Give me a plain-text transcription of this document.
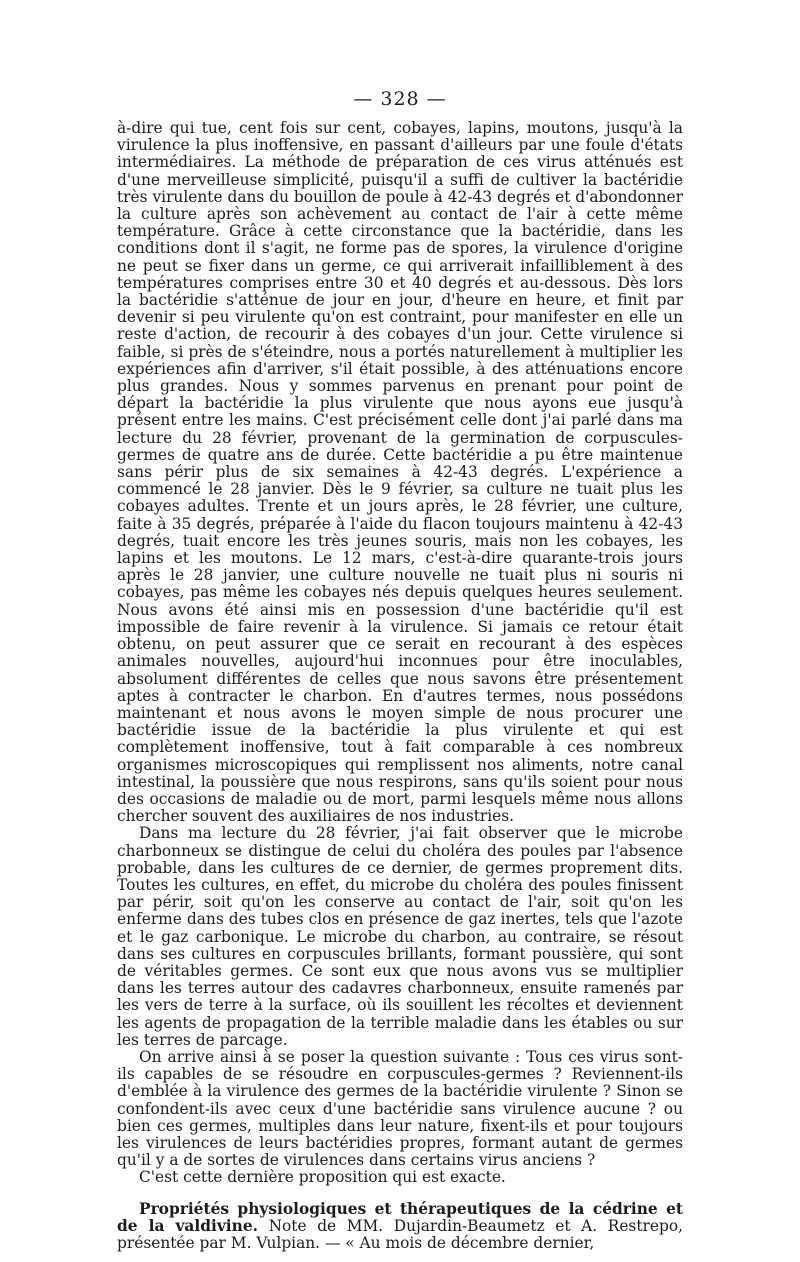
— 328 —

à-dire qui tue, cent fois sur cent, cobayes, lapins, moutons, jusqu'à la virulence la plus inoffensive, en passant d'ailleurs par une foule d'états intermédiaires. La méthode de préparation de ces virus atténués est d'une merveilleuse simplicité, puisqu'il a suffi de cultiver la bactéridie très virulente dans du bouillon de poule à 42-43 degrés et d'abondonner la culture après son achèvement au contact de l'air à cette même température. Grâce à cette circonstance que la bactéridie, dans les conditions dont il s'agit, ne forme pas de spores, la virulence d'origine ne peut se fixer dans un germe, ce qui arriverait infailliblement à des températures comprises entre 30 et 40 degrés et au-dessous. Dès lors la bactéridie s'atténue de jour en jour, d'heure en heure, et finit par devenir si peu virulente qu'on est contraint, pour manifester en elle un reste d'action, de recourir à des cobayes d'un jour. Cette virulence si faible, si près de s'éteindre, nous a portés naturellement à multiplier les expériences afin d'arriver, s'il était possible, à des atténuations encore plus grandes. Nous y sommes parvenus en prenant pour point de départ la bactéridie la plus virulente que nous ayons eue jusqu'à présent entre les mains. C'est précisément celle dont j'ai parlé dans ma lecture du 28 février, provenant de la germination de corpuscules-germes de quatre ans de durée. Cette bactéridie a pu être maintenue sans périr plus de six semaines à 42-43 degrés. L'expérience a commencé le 28 janvier. Dès le 9 février, sa culture ne tuait plus les cobayes adultes. Trente et un jours après, le 28 février, une culture, faite à 35 degrés, préparée à l'aide du flacon toujours maintenu à 42-43 degrés, tuait encore les très jeunes souris, mais non les cobayes, les lapins et les moutons. Le 12 mars, c'est-à-dire quarante-trois jours après le 28 janvier, une culture nouvelle ne tuait plus ni souris ni cobayes, pas même les cobayes nés depuis quelques heures seulement. Nous avons été ainsi mis en possession d'une bactéridie qu'il est impossible de faire revenir à la virulence. Si jamais ce retour était obtenu, on peut assurer que ce serait en recourant à des espèces animales nouvelles, aujourd'hui inconnues pour être inoculables, absolument différentes de celles que nous savons être présentement aptes à contracter le charbon. En d'autres termes, nous possédons maintenant et nous avons le moyen simple de nous procurer une bactéridie issue de la bactéridie la plus virulente et qui est complètement inoffensive, tout à fait comparable à ces nombreux organismes microscopiques qui remplissent nos aliments, notre canal intestinal, la poussière que nous respirons, sans qu'ils soient pour nous des occasions de maladie ou de mort, parmi lesquels même nous allons chercher souvent des auxiliaires de nos industries.

Dans ma lecture du 28 février, j'ai fait observer que le microbe charbonneux se distingue de celui du choléra des poules par l'absence probable, dans les cultures de ce dernier, de germes proprement dits. Toutes les cultures, en effet, du microbe du choléra des poules finissent par périr, soit qu'on les conserve au contact de l'air, soit qu'on les enferme dans des tubes clos en présence de gaz inertes, tels que l'azote et le gaz carbonique. Le microbe du charbon, au contraire, se résout dans ses cultures en corpuscules brillants, formant poussière, qui sont de véritables germes. Ce sont eux que nous avons vus se multiplier dans les terres autour des cadavres charbonneux, ensuite ramenés par les vers de terre à la surface, où ils souillent les récoltes et deviennent les agents de propagation de la terrible maladie dans les étables ou sur les terres de parcage.

On arrive ainsi à se poser la question suivante : Tous ces virus sont-ils capables de se résoudre en corpuscules-germes ? Reviennent-ils d'emblée à la virulence des germes de la bactéridie virulente ? Sinon se confondent-ils avec ceux d'une bactéridie sans virulence aucune ? ou bien ces germes, multiples dans leur nature, fixent-ils et pour toujours les virulences de leurs bactéridies propres, formant autant de germes qu'il y a de sortes de virulences dans certains virus anciens ?

C'est cette dernière proposition qui est exacte.

Propriétés physiologiques et thérapeutiques de la cédrine et de la valdivine. Note de MM. Dujardin-Beaumetz et A. Restrepo, présentée par M. Vulpian. — « Au mois de décembre dernier,
